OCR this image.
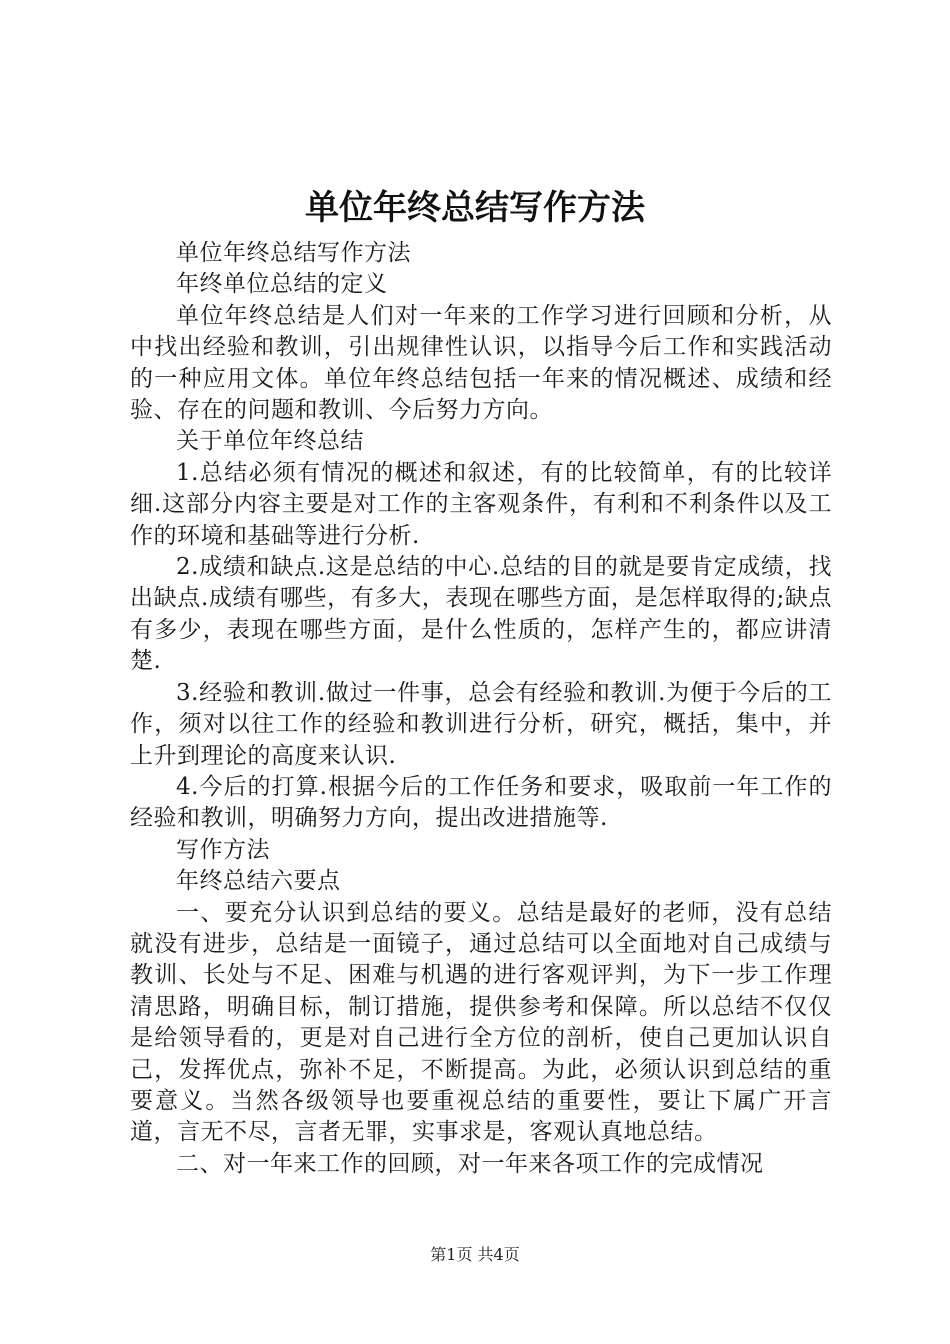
单位年终总结写作方法

单位年终总结写作方法

年终单位总结的定义

单位年终总结是人们对一年来的工作学习进行回顾和分析，从中找出经验和教训，引出规律性认识，以指导今后工作和实践活动的一种应用文体。单位年终总结包括一年来的情况概述、成绩和经验、存在的问题和教训、今后努力方向。

关于单位年终总结

1.总结必须有情况的概述和叙述，有的比较简单，有的比较详细.这部分内容主要是对工作的主客观条件，有利和不利条件以及工作的环境和基础等进行分析.

2.成绩和缺点.这是总结的中心.总结的目的就是要肯定成绩，找出缺点.成绩有哪些，有多大，表现在哪些方面，是怎样取得的;缺点有多少，表现在哪些方面，是什么性质的，怎样产生的，都应讲清楚.

3.经验和教训.做过一件事，总会有经验和教训.为便于今后的工作，须对以往工作的经验和教训进行分析，研究，概括，集中，并上升到理论的高度来认识.

4.今后的打算.根据今后的工作任务和要求，吸取前一年工作的经验和教训，明确努力方向，提出改进措施等.

写作方法

年终总结六要点

一、要充分认识到总结的要义。总结是最好的老师，没有总结就没有进步，总结是一面镜子，通过总结可以全面地对自己成绩与教训、长处与不足、困难与机遇的进行客观评判，为下一步工作理清思路，明确目标，制订措施，提供参考和保障。所以总结不仅仅是给领导看的，更是对自己进行全方位的剖析，使自己更加认识自己，发挥优点，弥补不足，不断提高。为此，必须认识到总结的重要意义。当然各级领导也要重视总结的重要性，要让下属广开言道，言无不尽，言者无罪，实事求是，客观认真地总结。

二、对一年来工作的回顾，对一年来各项工作的完成情况

第1页 共4页
